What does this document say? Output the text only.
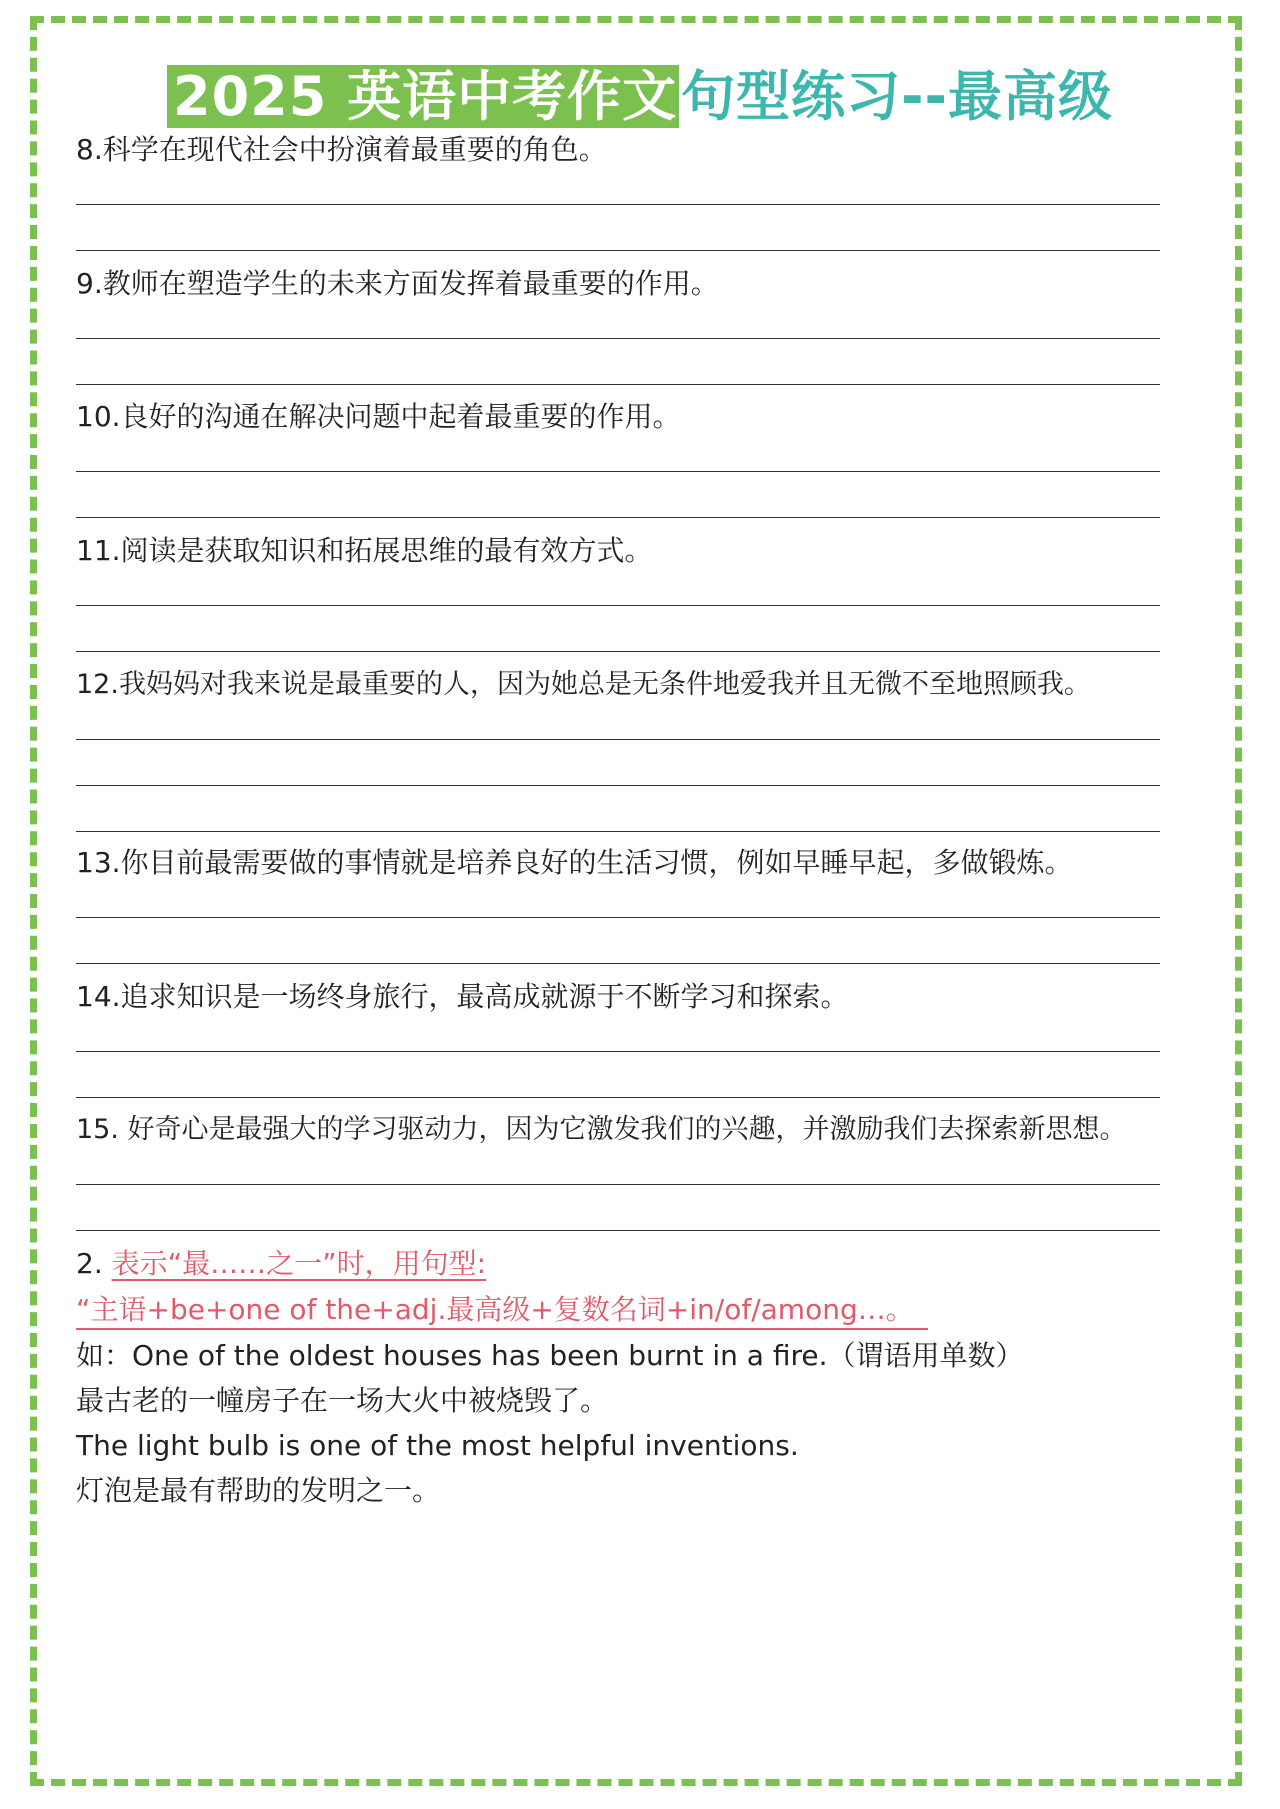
2025 英语中考作文句型练习--最高级
8.科学在现代社会中扮演着最重要的角色。
9.教师在塑造学生的未来方面发挥着最重要的作用。
10.良好的沟通在解决问题中起着最重要的作用。
11.阅读是获取知识和拓展思维的最有效方式。
12.我妈妈对我来说是最重要的人，因为她总是无条件地爱我并且无微不至地照顾我。
13.你目前最需要做的事情就是培养良好的生活习惯，例如早睡早起，多做锻炼。
14.追求知识是一场终身旅行，最高成就源于不断学习和探索。
15. 好奇心是最强大的学习驱动力，因为它激发我们的兴趣，并激励我们去探索新思想。
2. 表示“最……之一”时，用句型:
“主语+be+one of the+adj.最高级+复数名词+in/of/among…。
如：One of the oldest houses has been burnt in a fire.（谓语用单数）
最古老的一幢房子在一场大火中被烧毁了。
The light bulb is one of the most helpful inventions.
灯泡是最有帮助的发明之一。
